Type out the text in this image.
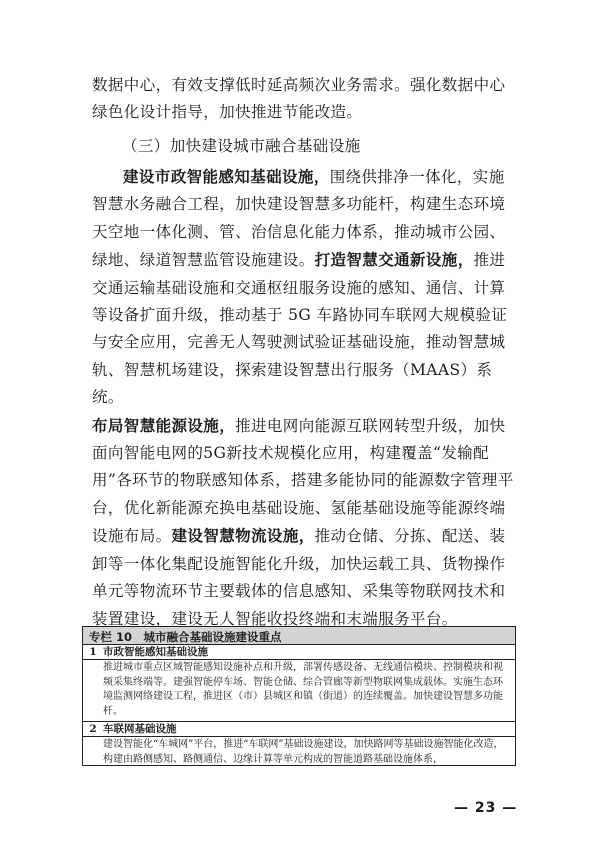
数据中心，有效支撑低时延高频次业务需求。强化数据中心绿色化设计指导，加快推进节能改造。

（三）加快建设城市融合基础设施

建设市政智能感知基础设施，围绕供排净一体化，实施智慧水务融合工程，加快建设智慧多功能杆，构建生态环境天空地一体化测、管、治信息化能力体系，推动城市公园、绿地、绿道智慧监管设施建设。打造智慧交通新设施，推进交通运输基础设施和交通枢纽服务设施的感知、通信、计算等设备扩面升级，推动基于 5G 车路协同车联网大规模验证与安全应用，完善无人驾驶测试验证基础设施，推动智慧城轨、智慧机场建设，探索建设智慧出行服务（MAAS）系统。
布局智慧能源设施，推进电网向能源互联网转型升级，加快面向智能电网的5G新技术规模化应用，构建覆盖“发输配用”各环节的物联感知体系，搭建多能协同的能源数字管理平台，优化新能源充换电基础设施、氢能基础设施等能源终端设施布局。建设智慧物流设施，推动仓储、分拣、配送、装卸等一体化集配设施智能化升级，加快运载工具、货物操作单元等物流环节主要载体的信息感知、采集等物联网技术和装置建设，建设无人智能收投终端和末端服务平台。

专栏 10　城市融合基础设施建设重点
1 市政智能感知基础设施
推进城市重点区域智能感知设施补点和升级，部署传感设备、无线通信模块、控制模块和视频采集终端等。建强智能停车场、智能仓储、综合管廊等新型物联网集成载体。实施生态环境监测网络建设工程，推进区（市）县城区和镇（街道）的连续覆盖。加快建设智慧多功能杆。
2 车联网基础设施
建设智能化“车城网”平台，推进“车联网”基础设施建设，加快路网等基础设施智能化改造，构建由路侧感知、路侧通信、边缘计算等单元构成的智能道路基础设施体系，
— 23 —
